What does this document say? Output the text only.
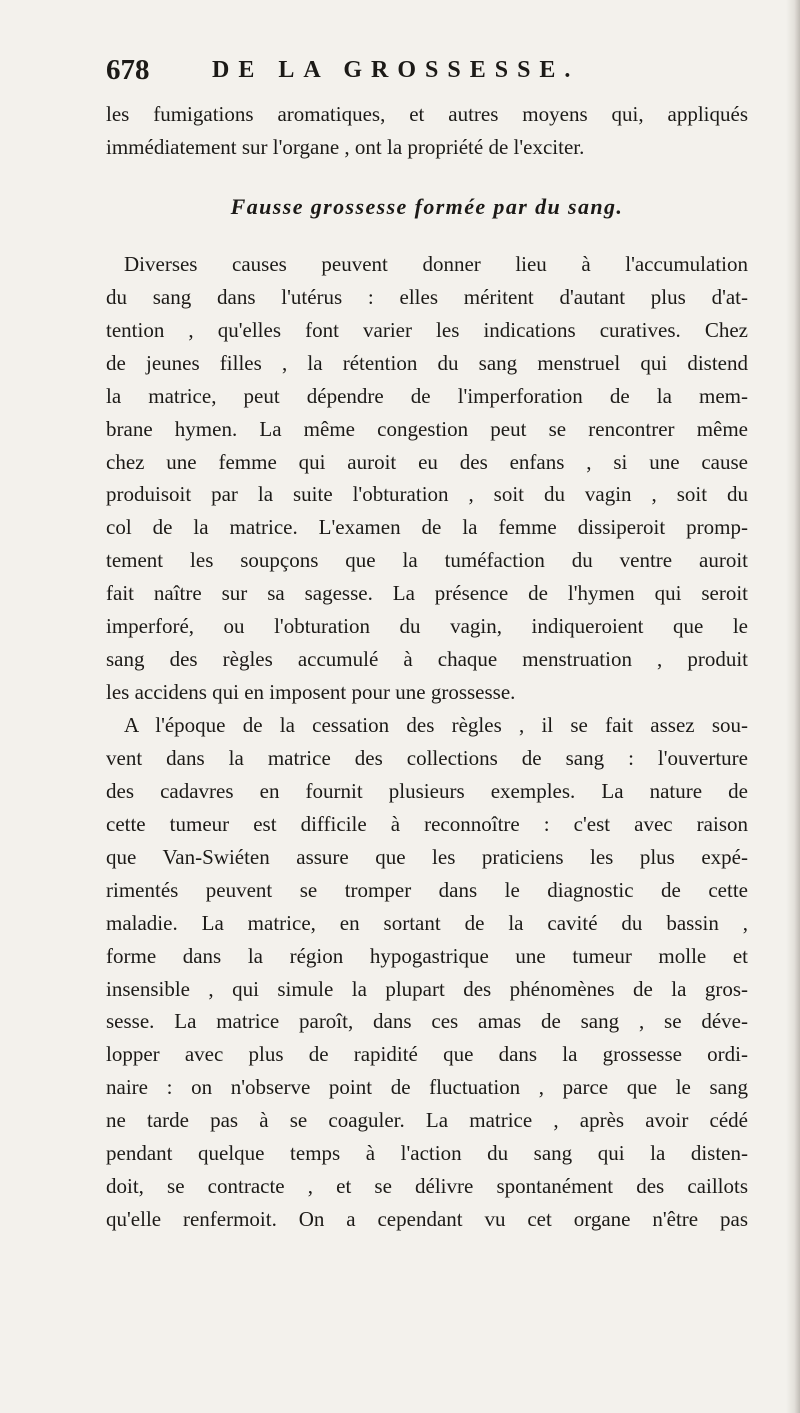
678	DE LA GROSSESSE.
les fumigations aromatiques, et autres moyens qui, appliqués
immédiatement sur l'organe , ont la propriété de l'exciter.
Fausse grossesse formée par du sang.
Diverses causes peuvent donner lieu à l'accumulation
du sang dans l'utérus : elles méritent d'autant plus d'at-
tention , qu'elles font varier les indications curatives. Chez
de jeunes filles , la rétention du sang menstruel qui distend
la matrice, peut dépendre de l'imperforation de la mem-
brane hymen. La même congestion peut se rencontrer même
chez une femme qui auroit eu des enfans , si une cause
produisoit par la suite l'obturation , soit du vagin , soit du
col de la matrice. L'examen de la femme dissiperoit promp-
tement les soupçons que la tuméfaction du ventre auroit
fait naître sur sa sagesse. La présence de l'hymen qui seroit
imperforé, ou l'obturation du vagin, indiqueroient que le
sang des règles accumulé à chaque menstruation , produit
les accidens qui en imposent pour une grossesse.
A l'époque de la cessation des règles , il se fait assez sou-
vent dans la matrice des collections de sang : l'ouverture
des cadavres en fournit plusieurs exemples. La nature de
cette tumeur est difficile à reconnoître : c'est avec raison
que Van-Swiéten assure que les praticiens les plus expé-
rimentés peuvent se tromper dans le diagnostic de cette
maladie. La matrice, en sortant de la cavité du bassin ,
forme dans la région hypogastrique une tumeur molle et
insensible , qui simule la plupart des phénomènes de la gros-
sesse. La matrice paroît, dans ces amas de sang , se déve-
lopper avec plus de rapidité que dans la grossesse ordi-
naire : on n'observe point de fluctuation , parce que le sang
ne tarde pas à se coaguler. La matrice , après avoir cédé
pendant quelque temps à l'action du sang qui la disten-
doit, se contracte , et se délivre spontanément des caillots
qu'elle renfermoit. On a cependant vu cet organe n'être pas
